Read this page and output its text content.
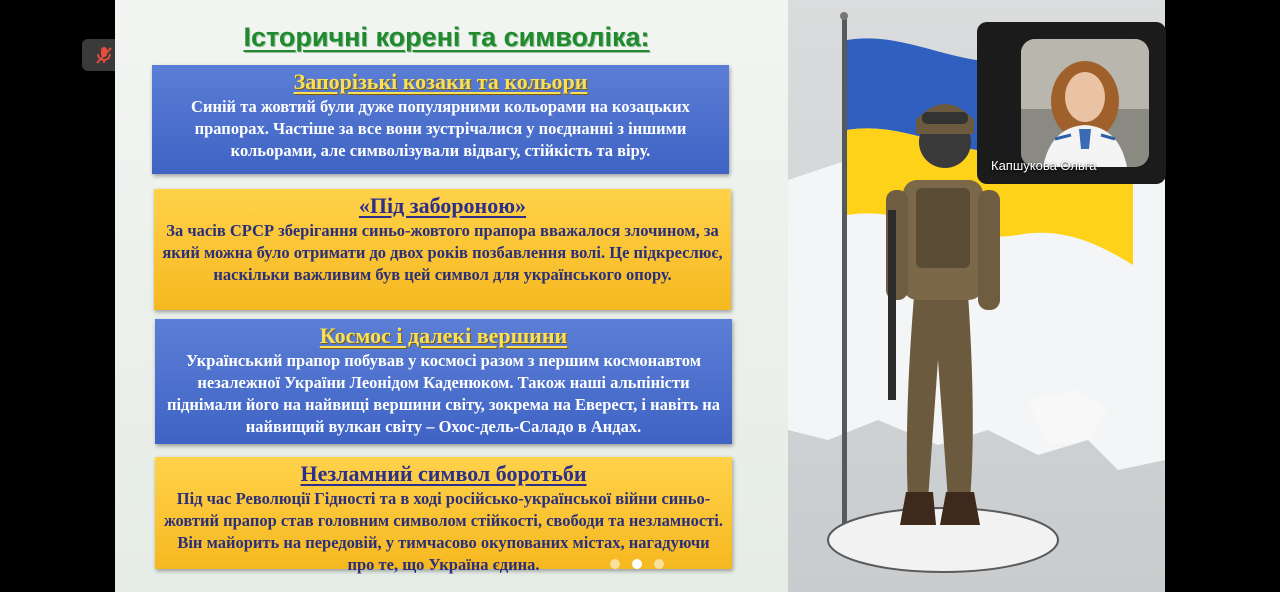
Історичні корені та символіка:
Запорізькі козаки та кольори
Синій та жовтий були дуже популярними кольорами на козацьких прапорах. Частіше за все вони зустрічалися у поєднанні з іншими кольорами, але символізували відвагу, стійкість та віру.
«Під забороною»
За часів СРСР зберігання синьо-жовтого прапора вважалося злочином, за який можна було отримати до двох років позбавлення волі. Це підкреслює, наскільки важливим був цей символ для українського опору.
Космос і далекі вершини
Український прапор побував у космосі разом з першим космонавтом незалежної України Леонідом Каденюком. Також наші альпіністи піднімали його на найвищі вершини світу, зокрема на Еверест, і навіть на найвищий вулкан світу – Охос-дель-Саладо в Андах.
Незламний символ боротьби
Під час Революції Гідності та в ході російсько-української війни синьо-жовтий прапор став головним символом стійкості, свободи та незламності. Він майорить на передовій, у тимчасово окупованих містах, нагадуючи про те, що Україна єдина.
Капшукова Ольга
